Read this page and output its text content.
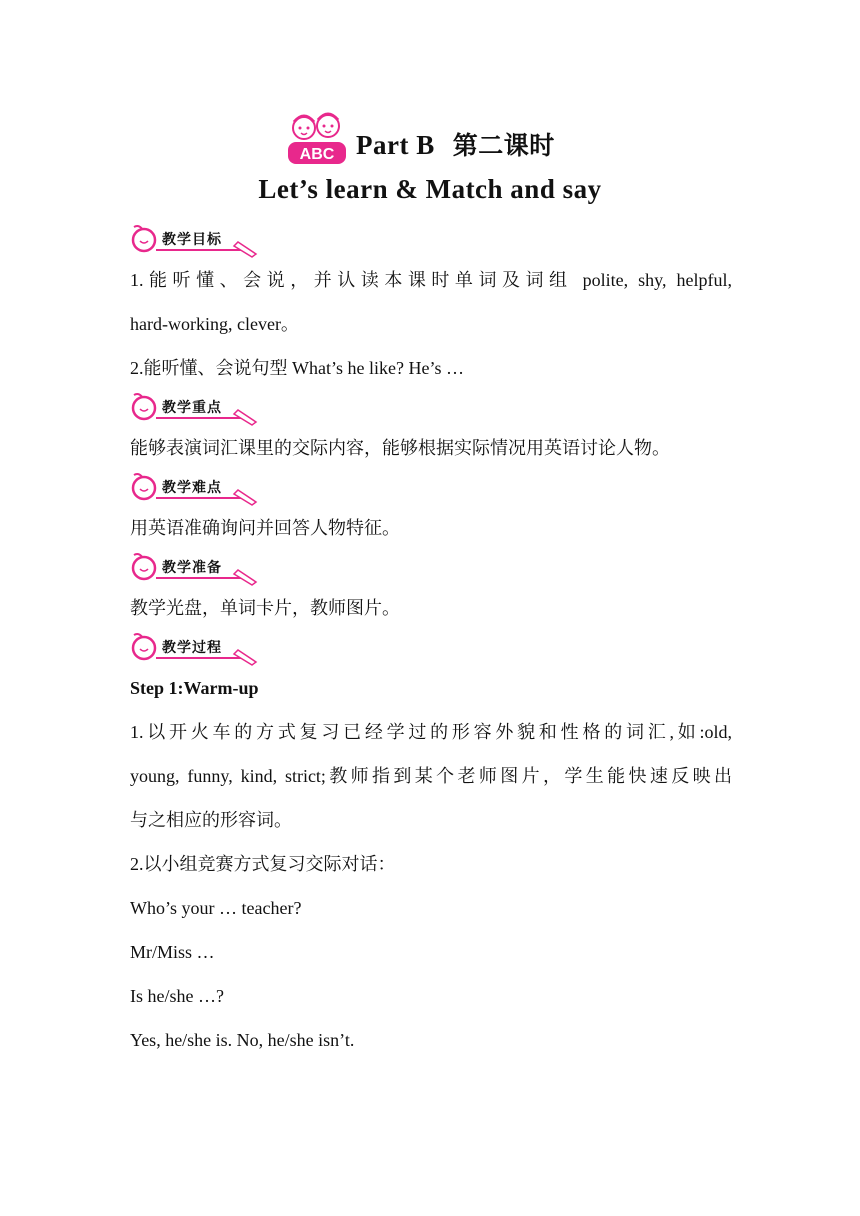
ABC Part B 第二课时
Let’s learn & Match and say
教学目标

1.能听懂、会说，并认读本课时单词及词组 polite, shy, helpful,

hard-working, clever。

2.能听懂、会说句型 What’s he like? He’s …

教学重点

能够表演词汇课里的交际内容，能够根据实际情况用英语讨论人物。

教学难点

用英语准确询问并回答人物特征。

教学准备

教学光盘，单词卡片，教师图片。

教学过程

Step 1:Warm-up

1.以开火车的方式复习已经学过的形容外貌和性格的词汇,如:old,

young, funny, kind, strict;教师指到某个老师图片，学生能快速反映出

与之相应的形容词。

2.以小组竞赛方式复习交际对话：

Who’s your … teacher?

Mr/Miss …

Is he/she …?

Yes, he/she is. No, he/she isn’t.
